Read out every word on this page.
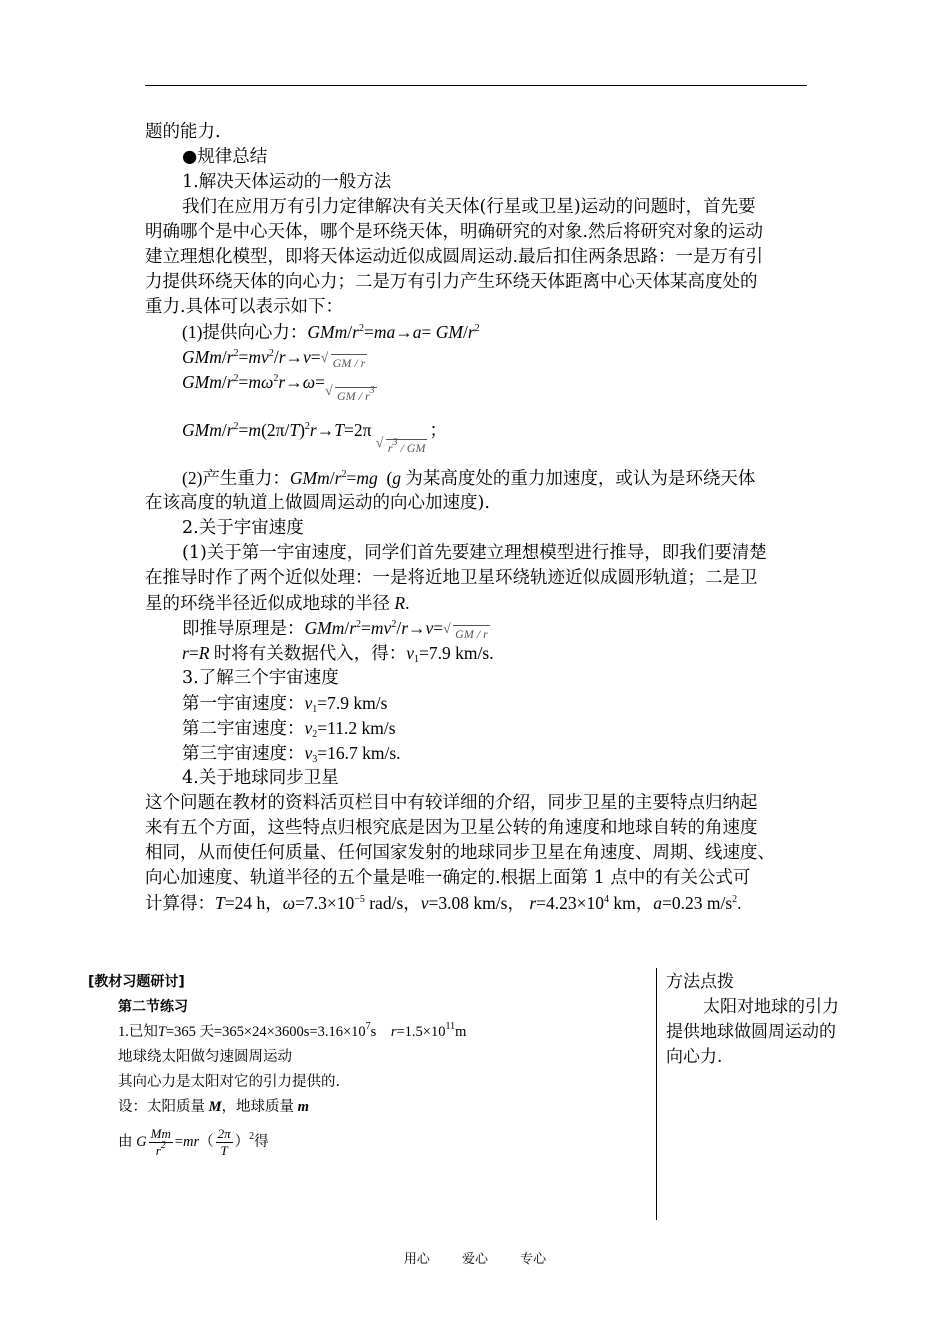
题的能力.
●规律总结
1.解决天体运动的一般方法
我们在应用万有引力定律解决有关天体(行星或卫星)运动的问题时，首先要
明确哪个是中心天体，哪个是环绕天体，明确研究的对象.然后将研究对象的运动
建立理想化模型，即将天体运动近似成圆周运动.最后扣住两条思路：一是万有引
力提供环绕天体的向心力；二是万有引力产生环绕天体距离中心天体某高度处的
重力.具体可以表示如下：
(1)提供向心力：GMm/$r^2=ma\to a= GM/r^2$
GMm/$r^2=mv^2/r\to v=√$ GM / r
GMm/$r^2=m\omega^2r\to\omega=√$ GM / $r^3$
GMm/$r^2=m(2\pi/T)^2r\to T=2\pi$ √ $r^3$ / GM；
(2)产生重力：GMm/$r^2=mg$  (g 为某高度处的重力加速度，或认为是环绕天体
在该高度的轨道上做圆周运动的向心加速度).
2.关于宇宙速度
(1)关于第一宇宙速度，同学们首先要建立理想模型进行推导，即我们要清楚
在推导时作了两个近似处理：一是将近地卫星环绕轨迹近似成圆形轨道；二是卫
星的环绕半径近似成地球的半径 R.
即推导原理是：GMm/$r^2=mv^2/r\to v=√$ GM / r
r=R 时将有关数据代入，得：$v_1=7.9$ km/s.
3.了解三个宇宙速度
第一宇宙速度：$v_1=7.9$ km/s
第二宇宙速度：$v_2=11.2$ km/s
第三宇宙速度：$v_3=16.7$ km/s.
4.关于地球同步卫星
这个问题在教材的资料活页栏目中有较详细的介绍，同步卫星的主要特点归纳起
来有五个方面，这些特点归根究底是因为卫星公转的角速度和地球自转的角速度
相同，从而使任何质量、任何国家发射的地球同步卫星在角速度、周期、线速度、
向心加速度、轨道半径的五个量是唯一确定的.根据上面第 1 点中的有关公式可
计算得：T=24 h，$\omega=7.3\times 10^{-5}$ rad/s，v=3.08 km/s， $r=4.23\times 10^4$ km，a=0.23 $m/s^2$.
[教材习题研讨]
第二节练习
1.已知T=365 天$=365\times 24\times 3600s=3.16\times 10^7s$ $r=1.5\times 10^{11}m$
地球绕太阳做匀速圆周运动
其向心力是太阳对它的引力提供的.
设：太阳质量 M，地球质量 m
由 G $\frac{Mm}{r^2} =mr( \frac{2\pi}{T} )^2$得
方法点拨
太阳对地球的引力
提供地球做圆周运动的
向心力.
用心 爱心 专心
